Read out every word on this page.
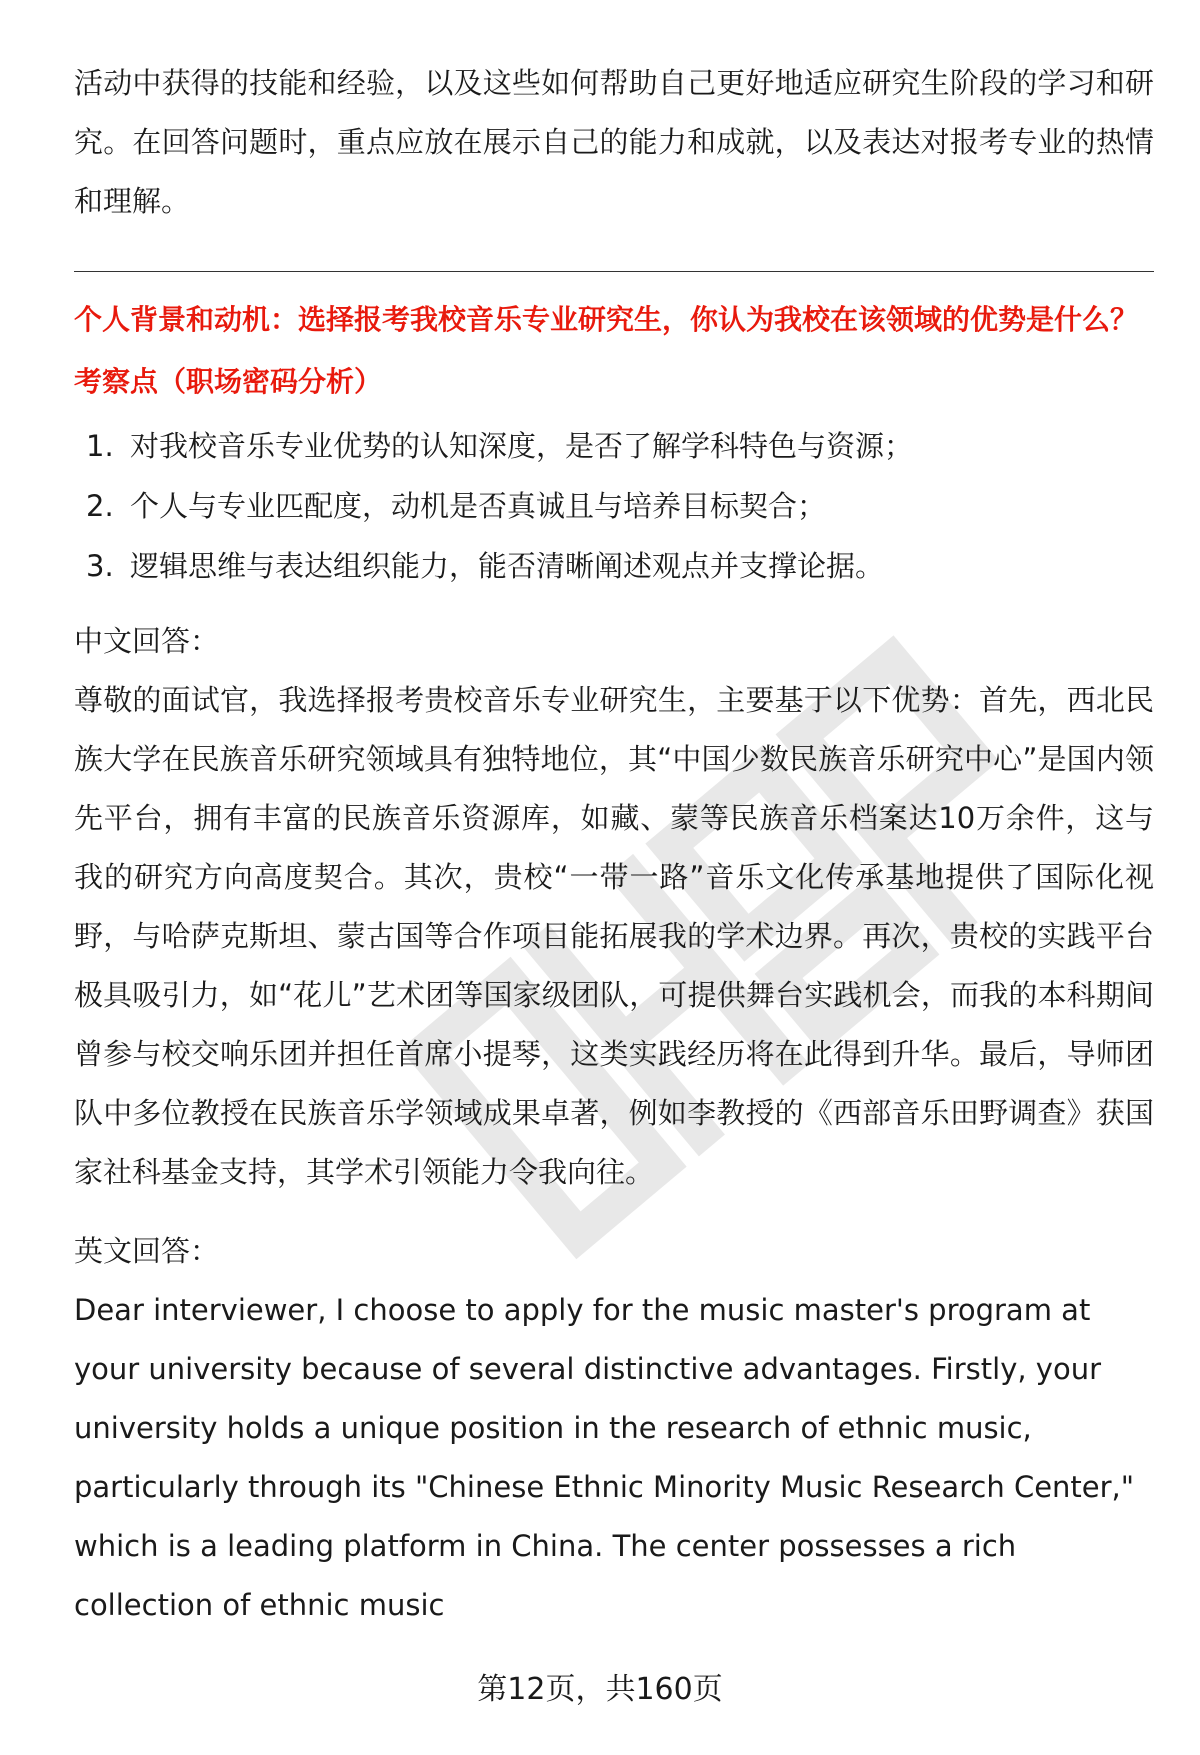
活动中获得的技能和经验，以及这些如何帮助自己更好地适应研究生阶段的学习和研究。在回答问题时，重点应放在展示自己的能力和成就，以及表达对报考专业的热情和理解。

个人背景和动机：选择报考我校音乐专业研究生，你认为我校在该领域的优势是什么？

考察点（职场密码分析）

1. 对我校音乐专业优势的认知深度，是否了解学科特色与资源；
2. 个人与专业匹配度，动机是否真诚且与培养目标契合；
3. 逻辑思维与表达组织能力，能否清晰阐述观点并支撑论据。

中文回答：

尊敬的面试官，我选择报考贵校音乐专业研究生，主要基于以下优势：首先，西北民族大学在民族音乐研究领域具有独特地位，其“中国少数民族音乐研究中心”是国内领先平台，拥有丰富的民族音乐资源库，如藏、蒙等民族音乐档案达10万余件，这与我的研究方向高度契合。其次，贵校“一带一路”音乐文化传承基地提供了国际化视野，与哈萨克斯坦、蒙古国等合作项目能拓展我的学术边界。再次，贵校的实践平台极具吸引力，如“花儿”艺术团等国家级团队，可提供舞台实践机会，而我的本科期间曾参与校交响乐团并担任首席小提琴，这类实践经历将在此得到升华。最后，导师团队中多位教授在民族音乐学领域成果卓著，例如李教授的《西部音乐田野调查》获国家社科基金支持，其学术引领能力令我向往。

英文回答：

Dear interviewer, I choose to apply for the music master's program at your university because of several distinctive advantages. Firstly, your university holds a unique position in the research of ethnic music, particularly through its "Chinese Ethnic Minority Music Research Center," which is a leading platform in China. The center possesses a rich collection of ethnic music

第12页，共160页
